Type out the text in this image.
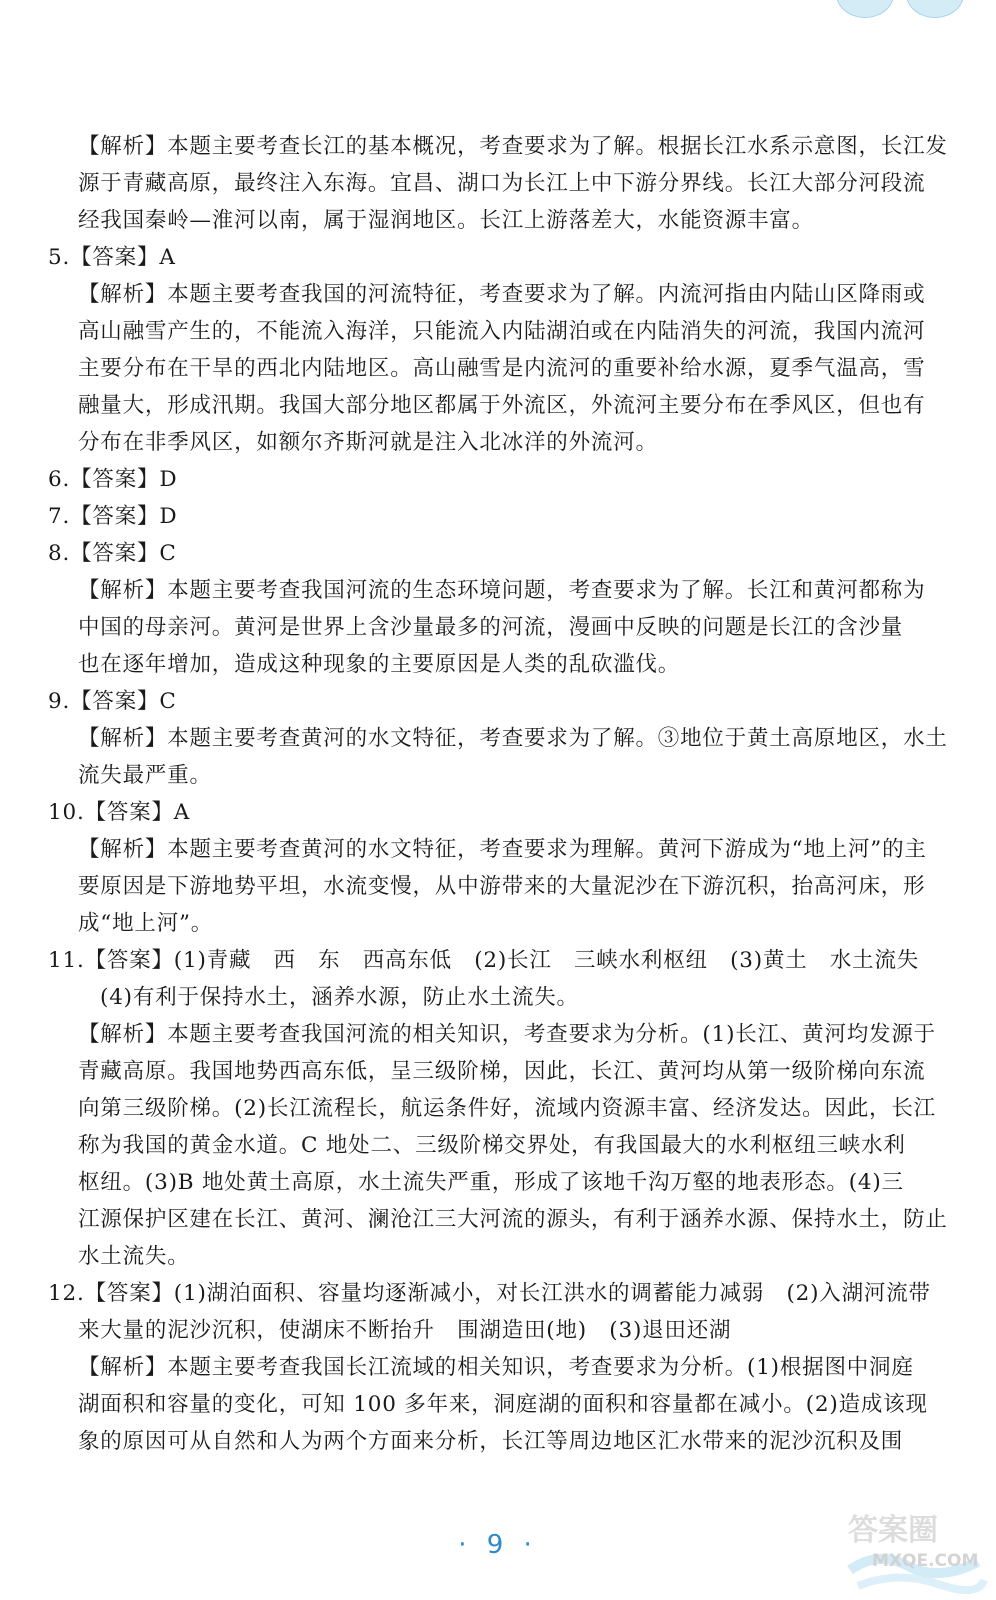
【解析】本题主要考查长江的基本概况，考查要求为了解。根据长江水系示意图，长江发
源于青藏高原，最终注入东海。宜昌、湖口为长江上中下游分界线。长江大部分河段流
经我国秦岭—淮河以南，属于湿润地区。长江上游落差大，水能资源丰富。
5.【答案】A
【解析】本题主要考查我国的河流特征，考查要求为了解。内流河指由内陆山区降雨或
高山融雪产生的，不能流入海洋，只能流入内陆湖泊或在内陆消失的河流，我国内流河
主要分布在干旱的西北内陆地区。高山融雪是内流河的重要补给水源，夏季气温高，雪
融量大，形成汛期。我国大部分地区都属于外流区，外流河主要分布在季风区，但也有
分布在非季风区，如额尔齐斯河就是注入北冰洋的外流河。
6.【答案】D
7.【答案】D
8.【答案】C
【解析】本题主要考查我国河流的生态环境问题，考查要求为了解。长江和黄河都称为
中国的母亲河。黄河是世界上含沙量最多的河流，漫画中反映的问题是长江的含沙量
也在逐年增加，造成这种现象的主要原因是人类的乱砍滥伐。
9.【答案】C
【解析】本题主要考查黄河的水文特征，考查要求为了解。③地位于黄土高原地区，水土
流失最严重。
10.【答案】A
【解析】本题主要考查黄河的水文特征，考查要求为理解。黄河下游成为“地上河”的主
要原因是下游地势平坦，水流变慢，从中游带来的大量泥沙在下游沉积，抬高河床，形
成“地上河”。
11.【答案】(1)青藏　西　东　西高东低　(2)长江　三峡水利枢纽　(3)黄土　水土流失
(4)有利于保持水土，涵养水源，防止水土流失。
【解析】本题主要考查我国河流的相关知识，考查要求为分析。(1)长江、黄河均发源于
青藏高原。我国地势西高东低，呈三级阶梯，因此，长江、黄河均从第一级阶梯向东流
向第三级阶梯。(2)长江流程长，航运条件好，流域内资源丰富、经济发达。因此，长江
称为我国的黄金水道。C 地处二、三级阶梯交界处，有我国最大的水利枢纽三峡水利
枢纽。(3)B 地处黄土高原，水土流失严重，形成了该地千沟万壑的地表形态。(4)三
江源保护区建在长江、黄河、澜沧江三大河流的源头，有利于涵养水源、保持水土，防止
水土流失。
12.【答案】(1)湖泊面积、容量均逐渐减小，对长江洪水的调蓄能力减弱　(2)入湖河流带
来大量的泥沙沉积，使湖床不断抬升　围湖造田(地)　(3)退田还湖
【解析】本题主要考查我国长江流域的相关知识，考查要求为分析。(1)根据图中洞庭
湖面积和容量的变化，可知 100 多年来，洞庭湖的面积和容量都在减小。(2)造成该现
象的原因可从自然和人为两个方面来分析，长江等周边地区汇水带来的泥沙沉积及围
· 9 ·	答案圈
MXQE.COM
